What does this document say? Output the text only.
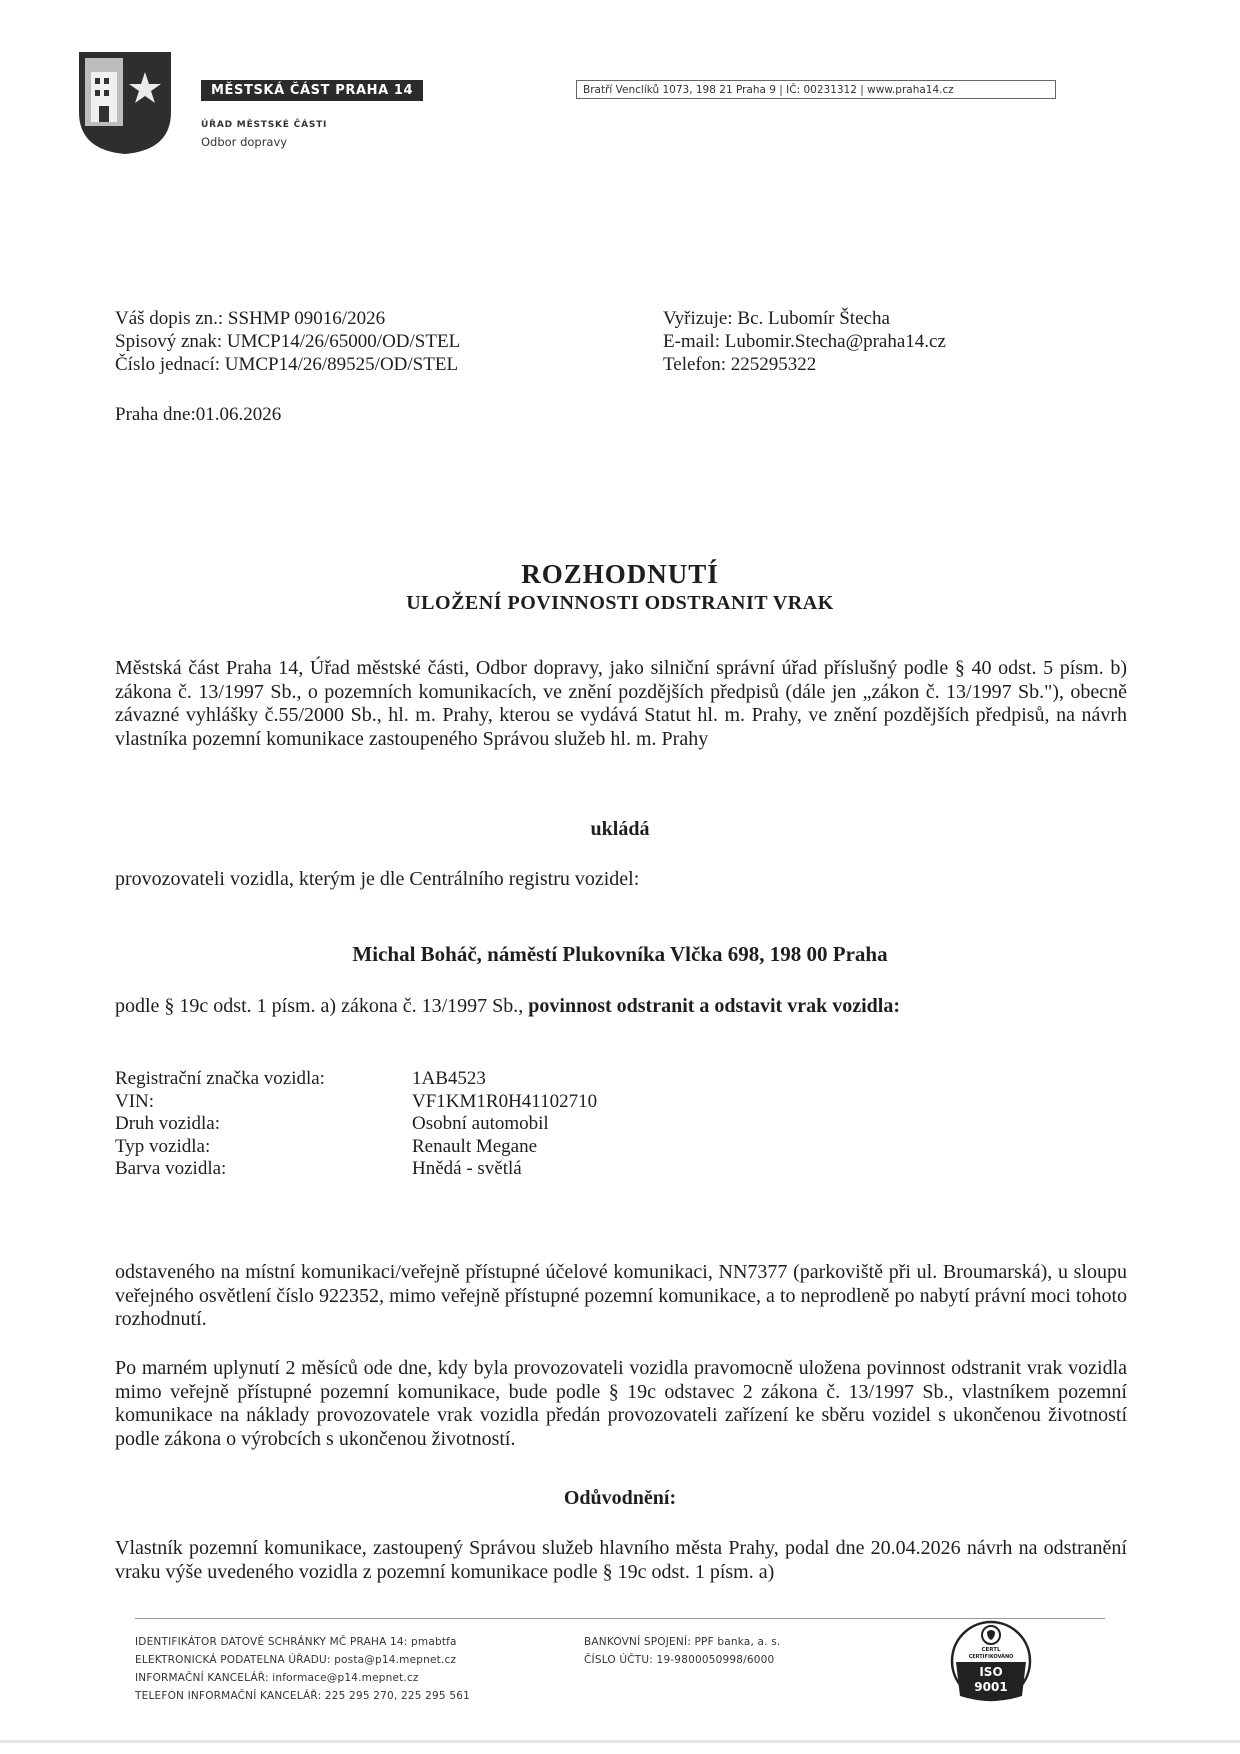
MĚSTSKÁ ČÁST PRAHA 14
ÚŘAD MĚSTSKÉ ČÁSTI
Odbor dopravy
Bratří Venclíků 1073, 198 21 Praha 9 | IČ: 00231312 | www.praha14.cz
Váš dopis zn.: SSHMP 09016/2026
Spisový znak: UMCP14/26/65000/OD/STEL
Číslo jednací: UMCP14/26/89525/OD/STEL
Vyřizuje: Bc. Lubomír Štecha
E-mail: Lubomir.Stecha@praha14.cz
Telefon: 225295322
Praha dne:01.06.2026
ROZHODNUTÍ
ULOŽENÍ POVINNOSTI ODSTRANIT VRAK
Městská část Praha 14, Úřad městské části, Odbor dopravy, jako silniční správní úřad příslušný podle § 40 odst. 5 písm. b) zákona č. 13/1997 Sb., o pozemních komunikacích, ve znění pozdějších předpisů (dále jen „zákon č. 13/1997 Sb."), obecně závazné vyhlášky č.55/2000 Sb., hl. m. Prahy, kterou se vydává Statut hl. m. Prahy, ve znění pozdějších předpisů, na návrh vlastníka pozemní komunikace zastoupeného Správou služeb hl. m. Prahy
ukládá
provozovateli vozidla, kterým je dle Centrálního registru vozidel:
Michal Boháč, náměstí Plukovníka Vlčka 698, 198 00 Praha
podle § 19c odst. 1 písm. a) zákona č. 13/1997 Sb., povinnost odstranit a odstavit vrak vozidla:
Registrační značka vozidla:
VIN:
Druh vozidla:
Typ vozidla:
Barva vozidla:
1AB4523
VF1KM1R0H41102710
Osobní automobil
Renault Megane
Hnědá - světlá
odstaveného na místní komunikaci/veřejně přístupné účelové komunikaci, NN7377 (parkoviště při ul. Broumarská), u sloupu veřejného osvětlení číslo 922352, mimo veřejně přístupné pozemní komunikace, a to neprodleně po nabytí právní moci tohoto rozhodnutí.
Po marném uplynutí 2 měsíců ode dne, kdy byla provozovateli vozidla pravomocně uložena povinnost odstranit vrak vozidla mimo veřejně přístupné pozemní komunikace, bude podle § 19c odstavec 2 zákona č. 13/1997 Sb., vlastníkem pozemní komunikace na náklady provozovatele vrak vozidla předán provozovateli zařízení ke sběru vozidel s ukončenou životností podle zákona o výrobcích s ukončenou životností.
Odůvodnění:
Vlastník pozemní komunikace, zastoupený Správou služeb hlavního města Prahy, podal dne 20.04.2026 návrh na odstranění vraku výše uvedeného vozidla z pozemní komunikace podle § 19c odst. 1 písm. a)
IDENTIFIKÁTOR DATOVÉ SCHRÁNKY MČ PRAHA 14: pmabtfa
ELEKTRONICKÁ PODATELNA ÚŘADU: posta@p14.mepnet.cz
INFORMAČNÍ KANCELÁŘ: informace@p14.mepnet.cz
TELEFON INFORMAČNÍ KANCELÁŘ: 225 295 270, 225 295 561
BANKOVNÍ SPOJENÍ: PPF banka, a. s.
ČÍSLO ÚČTU: 19-9800050998/6000
CERTL
CERTIFIKOVÁNO
ISO
9001
